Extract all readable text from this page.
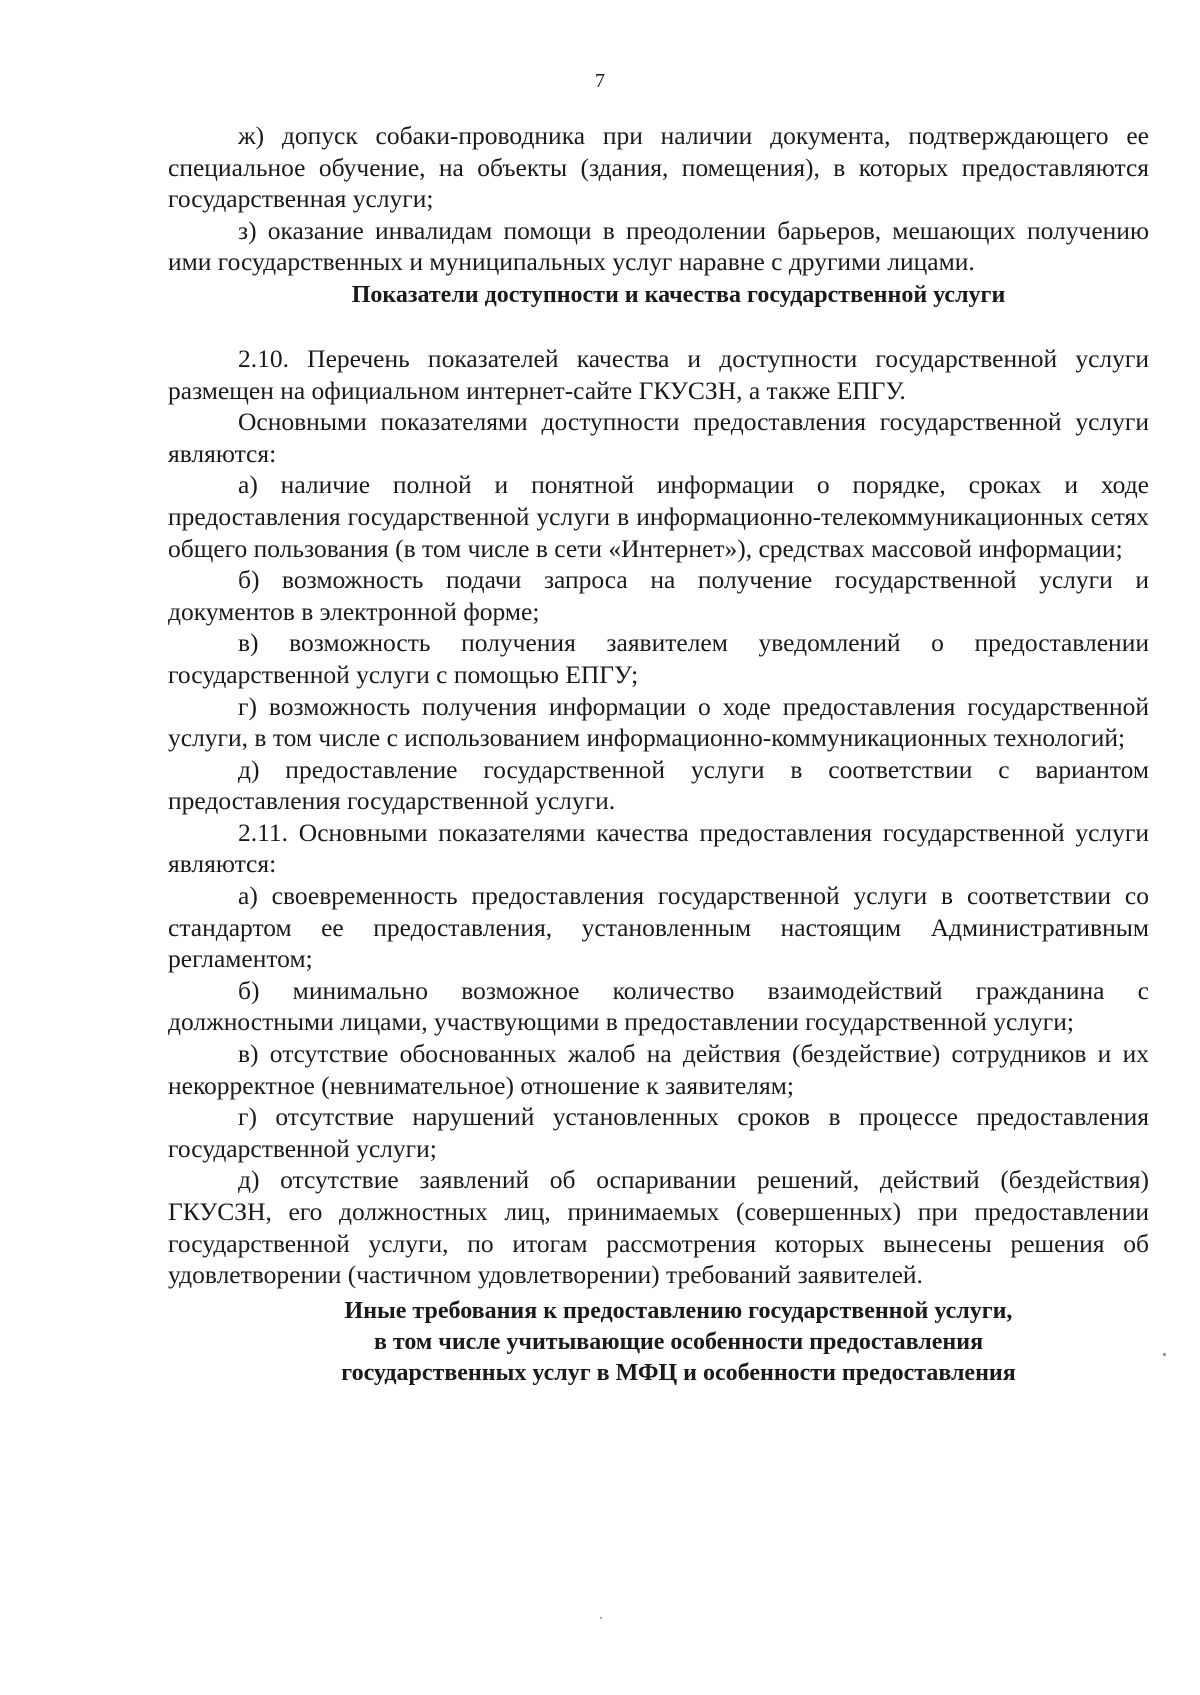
7

ж) допуск собаки-проводника при наличии документа, подтверждающего ее специальное обучение, на объекты (здания, помещения), в которых предоставляются государственная услуги;

з) оказание инвалидам помощи в преодолении барьеров, мешающих получению ими государственных и муниципальных услуг наравне с другими лицами.

Показатели доступности и качества государственной услуги

2.10. Перечень показателей качества и доступности государственной услуги размещен на официальном интернет-сайте ГКУСЗН, а также ЕПГУ.

Основными показателями доступности предоставления государственной услуги являются:

а) наличие полной и понятной информации о порядке, сроках и ходе предоставления государственной услуги в информационно-телекоммуникационных сетях общего пользования (в том числе в сети «Интернет»), средствах массовой информации;

б) возможность подачи запроса на получение государственной услуги и документов в электронной форме;

в) возможность получения заявителем уведомлений о предоставлении государственной услуги с помощью ЕПГУ;

г) возможность получения информации о ходе предоставления государственной услуги, в том числе с использованием информационно-коммуникационных технологий;

д) предоставление государственной услуги в соответствии с вариантом предоставления государственной услуги.

2.11. Основными показателями качества предоставления государственной услуги являются:

а) своевременность предоставления государственной услуги в соответствии со стандартом ее предоставления, установленным настоящим Административным регламентом;

б) минимально возможное количество взаимодействий гражданина с должностными лицами, участвующими в предоставлении государственной услуги;

в) отсутствие обоснованных жалоб на действия (бездействие) сотрудников и их некорректное (невнимательное) отношение к заявителям;

г) отсутствие нарушений установленных сроков в процессе предоставления государственной услуги;

д) отсутствие заявлений об оспаривании решений, действий (бездействия) ГКУСЗН, его должностных лиц, принимаемых (совершенных) при предоставлении государственной услуги, по итогам рассмотрения которых вынесены решения об удовлетворении (частичном удовлетворении) требований заявителей.

Иные требования к предоставлению государственной услуги,
в том числе учитывающие особенности предоставления
государственных услуг в МФЦ и особенности предоставления
